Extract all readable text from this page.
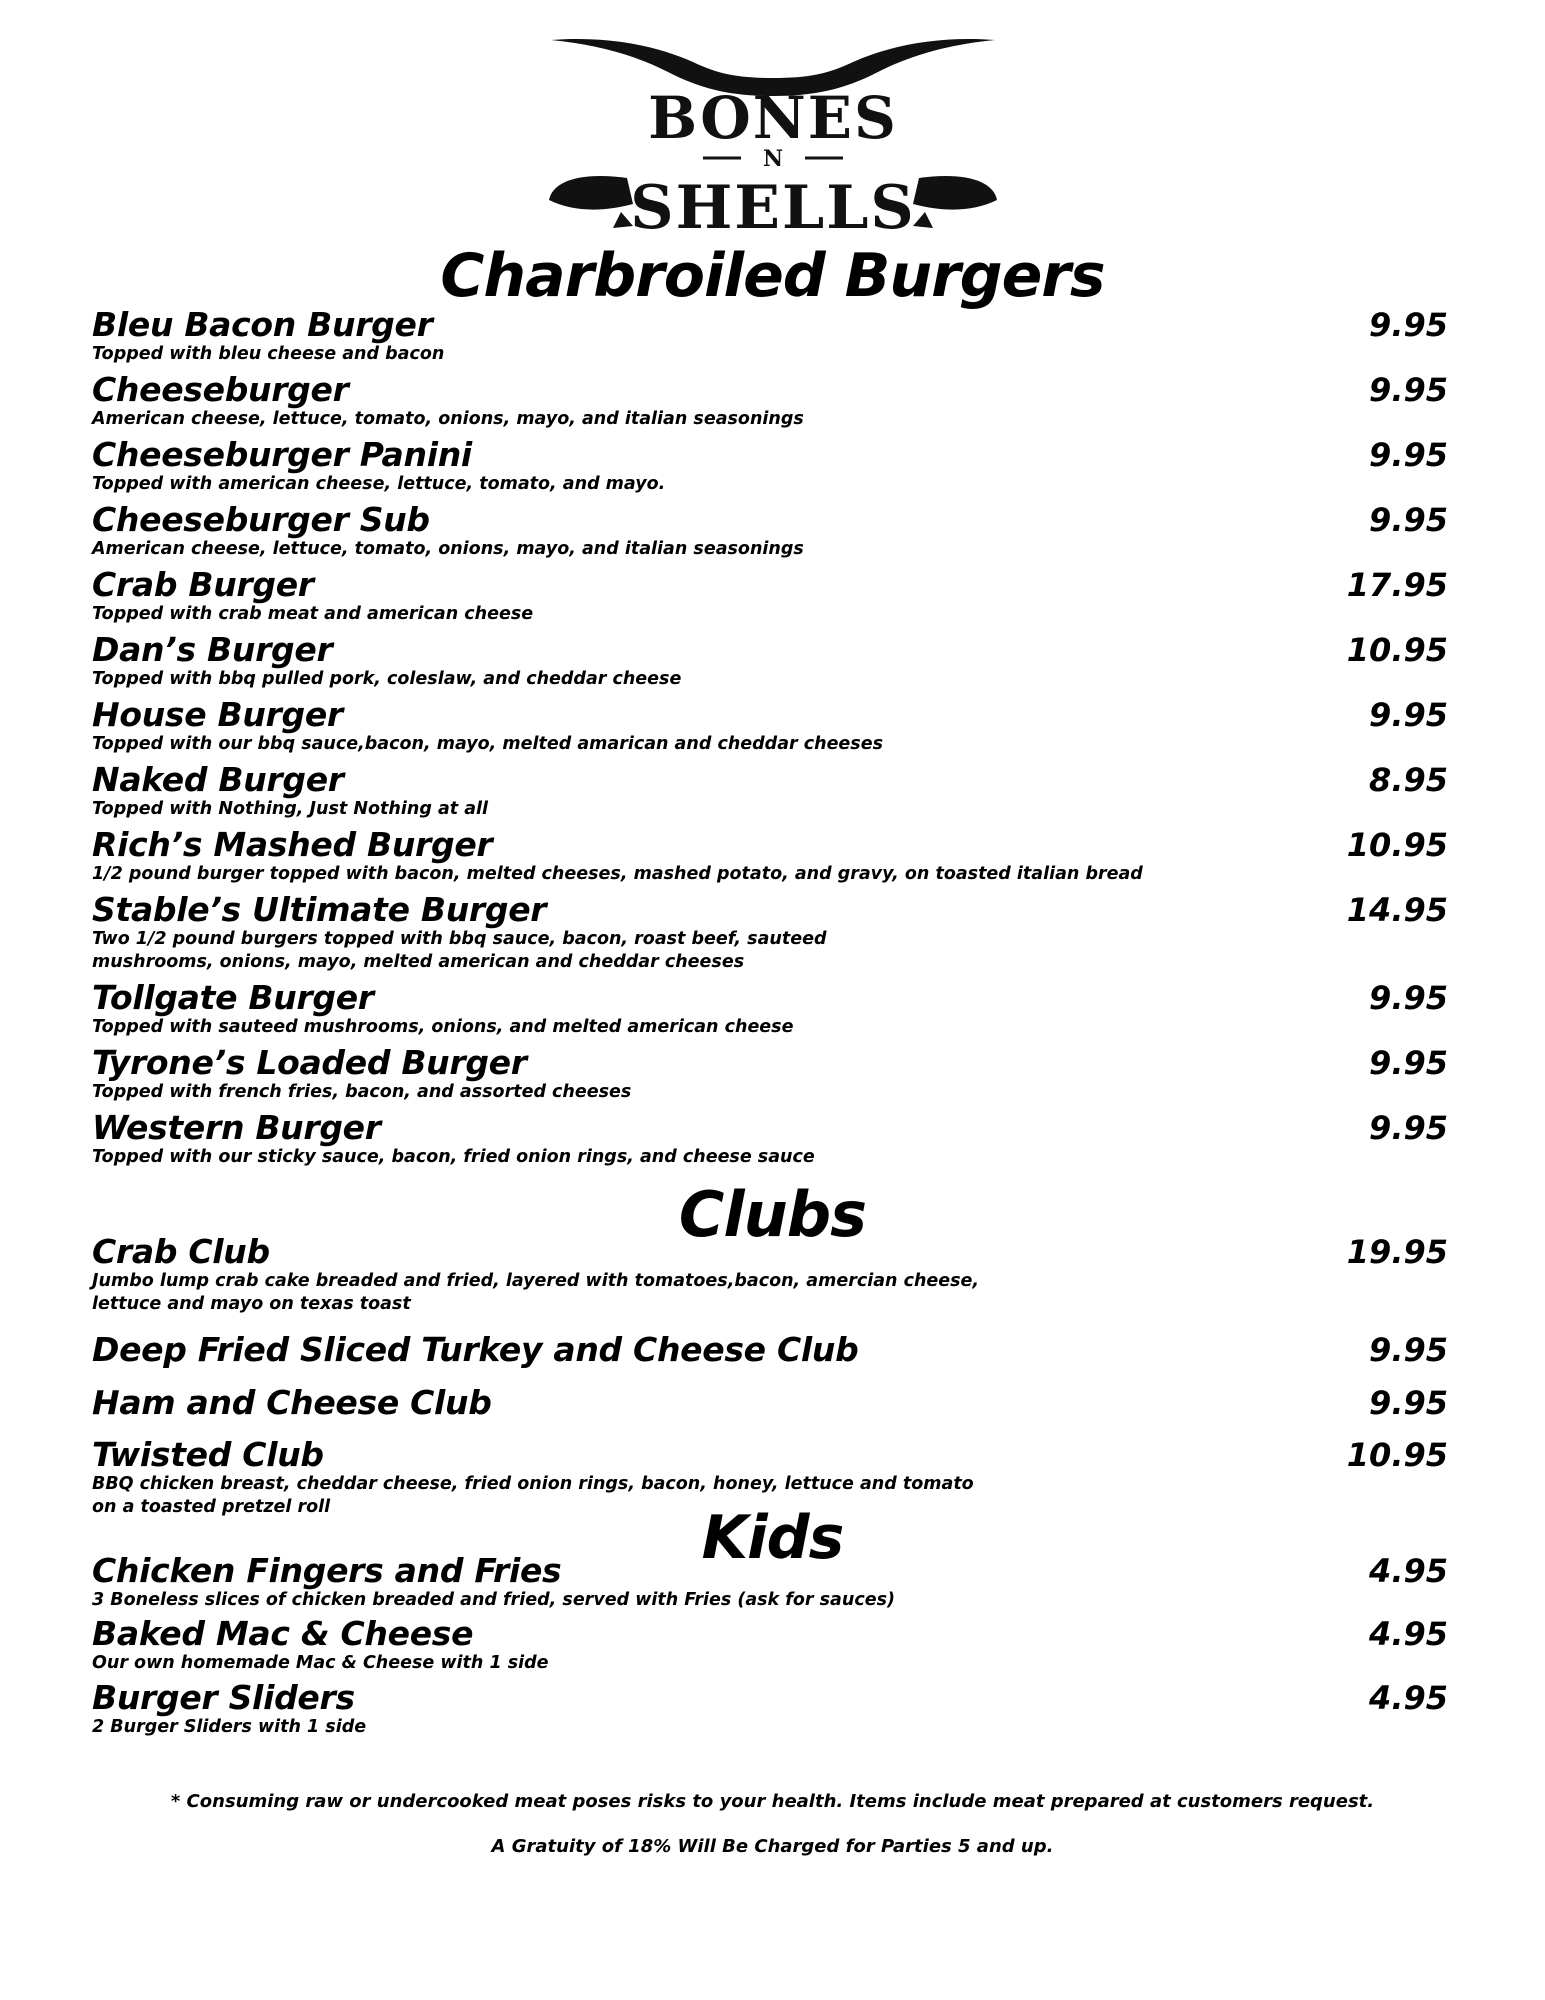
BONES
N
SHELLS
Charbroiled Burgers
Clubs
Kids
Bleu Bacon Burger
Topped with bleu cheese and bacon
9.95
Cheeseburger
American cheese, lettuce, tomato, onions, mayo, and italian seasonings
9.95
Cheeseburger Panini
Topped with american cheese, lettuce, tomato, and mayo.
9.95
Cheeseburger Sub
American cheese, lettuce, tomato, onions, mayo, and italian seasonings
9.95
Crab Burger
Topped with crab meat and american cheese
17.95
Dan’s Burger
Topped with bbq pulled pork, coleslaw, and cheddar cheese
10.95
House Burger
Topped with our bbq sauce,bacon, mayo, melted amarican and cheddar cheeses
9.95
Naked Burger
Topped with Nothing, Just Nothing at all
8.95
Rich’s Mashed Burger
1/2 pound burger topped with bacon, melted cheeses, mashed potato, and gravy, on toasted italian bread
10.95
Stable’s Ultimate Burger
Two 1/2 pound burgers topped with bbq sauce, bacon, roast beef, sauteed
mushrooms, onions, mayo, melted american and cheddar cheeses
14.95
Tollgate Burger
Topped with sauteed mushrooms, onions, and melted american cheese
9.95
Tyrone’s Loaded Burger
Topped with french fries, bacon, and assorted cheeses
9.95
Western Burger
Topped with our sticky sauce, bacon, fried onion rings, and cheese sauce
9.95
Crab Club
Jumbo lump crab cake breaded and fried, layered with tomatoes,bacon, amercian cheese,
lettuce and mayo on texas toast
19.95
Deep Fried Sliced Turkey and Cheese Club	9.95
Ham and Cheese Club	9.95
Twisted Club
BBQ chicken breast, cheddar cheese, fried onion rings, bacon, honey, lettuce and tomato
on a toasted pretzel roll
10.95
Chicken Fingers and Fries
3 Boneless slices of chicken breaded and fried, served with Fries (ask for sauces)
4.95
Baked Mac & Cheese
Our own homemade Mac & Cheese with 1 side
4.95
Burger Sliders
2 Burger Sliders with 1 side
4.95
* Consuming raw or undercooked meat poses risks to your health. Items include meat prepared at customers request.
A Gratuity of 18% Will Be Charged for Parties 5 and up.
